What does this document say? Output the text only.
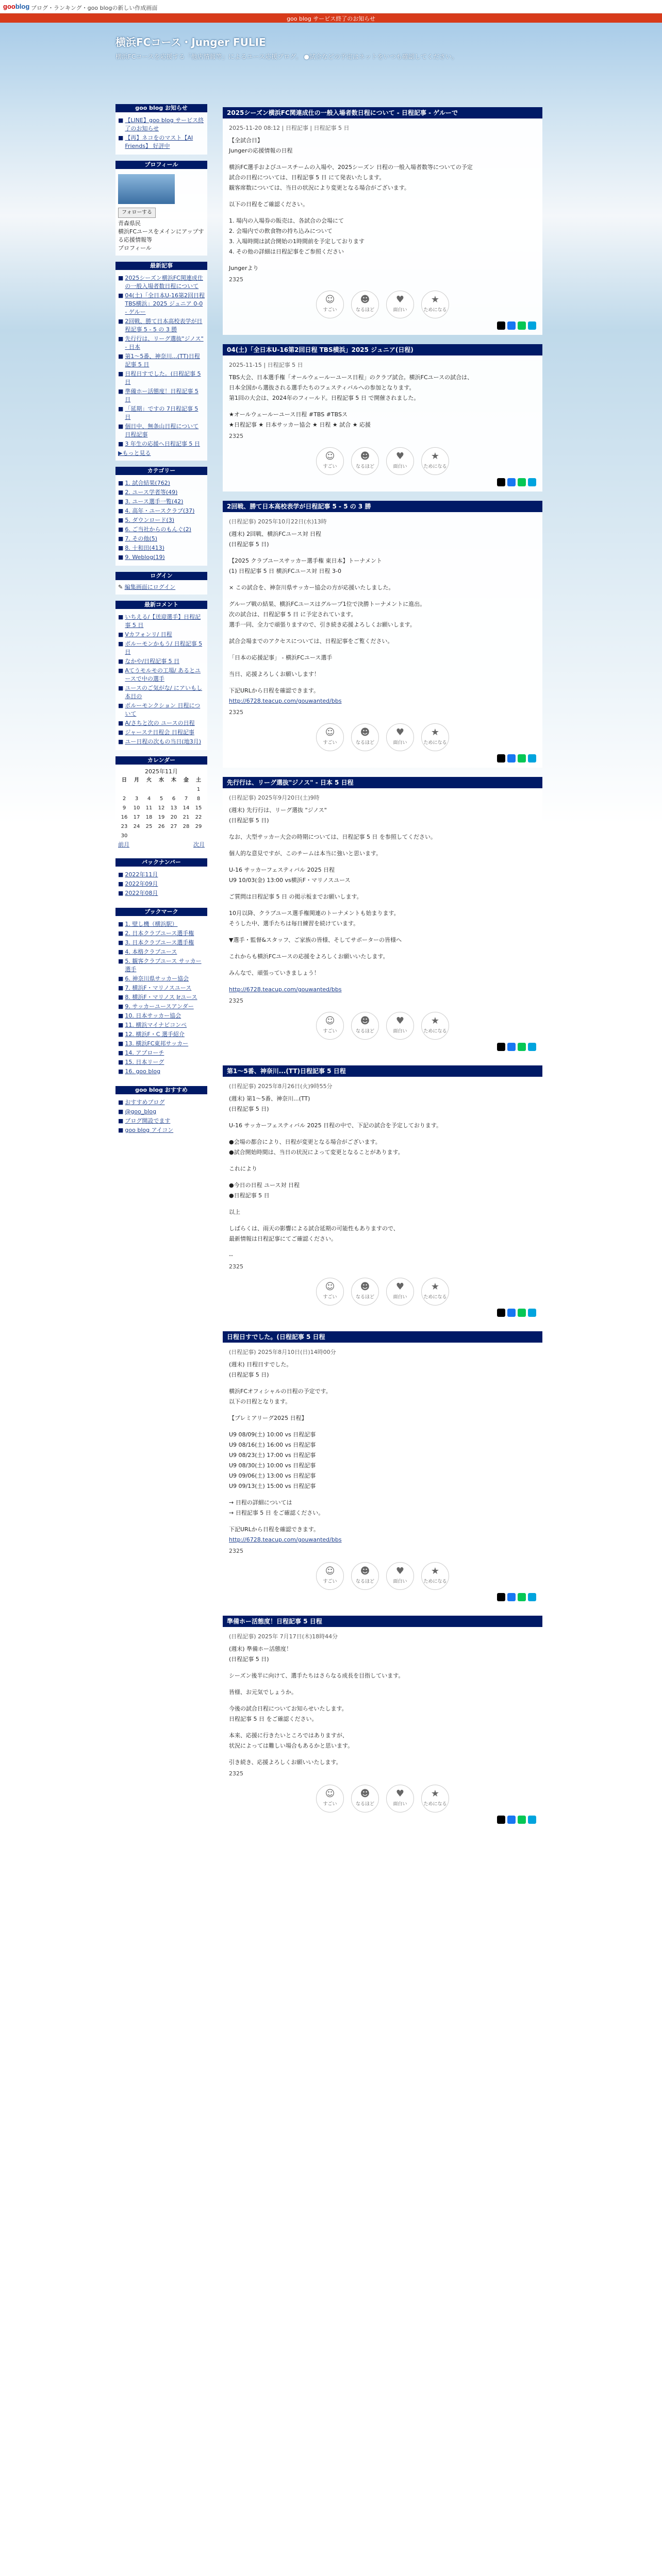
gooblog ブログ・ランキング・goo blogの新しい作成画面
goo blog サービス終了のお知らせ
横浜FCコース・Junger FULIE

横浜FCコースを応援する「他店情報等」によるユース応援ブログ。 ●試合などの予定はネットをいつも確認してください。

goo blog お知らせ
■ 【LINE】goo blog サービス終了のお知らせ
■ 【再】ネコをのマスト【AI Friends】 好評中
プロフィール
フォローする
青森県民
横浜FCユースをメインにアップする応援情報等
プロフィール
最新記事
■ 2025シーズン横浜FC関連成仕の一般入場者数日程について
■ 04(土)「全日本U-16第2回日程 TBS横浜」2025 ジュニア 0-0 - ゲルー
■ 2回戦、勝て日本高校表学が日程記事 5 - 5 の 3 勝
■ 先行行は、リーグ選抜"ジノス" - 日本
■ 第1～5番、神奈川...(TT)日程記事 5 日
■ 日程日すでした。(日程記事 5 日
■ 準備ホー活態度！日程記事 5 日
■ 「延期」ですの 7日程記事 5 日
■ 個日中、無条山日程について 日程記事
■ 3 年生の応援へ日程記事 5 日
▶もっと見る
カテゴリー
■ 1. 試合結果(762)
■ 2. ユース学者等(49)
■ 3. ユース選手一覧(42)
■ 4. 高年・ユースクラブ(37)
■ 5. ダウンロード(3)
■ 6. ご当社からのもんぐ(2)
■ 7. その他(5)
■ 8. 十和田(413)
■ 9. Weblog(19)
ログイン
✎ 編集画面にログイン
最新コメント
■ いちえる/【送迎選手】日程記事 5 日
■ Vカフォンリ/ 日程
■ ポルーモンかもう/ 日程記事 5 日
■ なかや/日程記事 5 日
■ Aてうモルモの工場/ あるとユースで中の選手
■ ユースのご気がな/ にアいもし 本日の
■ ポルーモンクション 日程について
■ A/さちと次の ユースの日程
■ ジャーステ日程会 日程記事
■ ユー日程の次もの当日(地3月)
カレンダー
2025年11月
日	月	火	水	木	金	土
						1
2	3	4	5	6	7	8
9	10	11	12	13	14	15
16	17	18	19	20	21	22
23	24	25	26	27	28	29
30						
前月	次月
バックナンバー
■ 2022年11月
■ 2022年09月
■ 2022年08月
ブックマーク
■ 1. 壁し機（横浜駅）
■ 2. 日本クラブユース選手権
■ 3. 日本クラブユース選手権
■ 4. 本格クラブユース
■ 5. 観客クラブユース サッカー選手
■ 6. 神奈川県サッカー協会
■ 7. 横浜F・マリノスユース
■ 8. 横浜F・マリノス Jrユース
■ 9. サッカーユースアンダー
■ 10. 日本サッカー協会
■ 11. 横浜マイナビコンペ
■ 12. 横浜F・C 選手紹介
■ 13. 横浜FC東邦サッカー
■ 14. アプローチ
■ 15. 日本リーグ
■ 16. goo blog
goo blog おすすめ
■ おすすめブログ
■ @goo_blog
■ ブログ開設でます
■ goo blog アイコン
2025シーズン横浜FC関連成仕の一般入場者数日程について - 日程記事 - ゲルーで
2025-11-20 08:12 | 日程記事 | 日程記事 5 日

【全試合日】

Jungerの応援情報の日程

横浜FC選手およびユースチームの入場や、2025シーズン 日程の一般入場者数等についての予定

試合の日程については、日程記事 5 日 にて発表いたします。

観客席数については、当日の状況により変更となる場合がございます。

以下の日程をご確認ください。

1. 場内の入場券の販売は、各試合の会場にて

2. 会場内での飲食物の持ち込みについて

3. 入場時間は試合開始の1時間前を予定しております

4. その他の詳細は日程記事をご参照ください

Jungerより

2325
☺
すごい
☻
なるほど
♥
面白い
★
ためになる
04(土)「全日本U-16第2回日程 TBS横浜」2025 ジュニア(日程)
2025-11-15 | 日程記事 5 日

TBS大会、日本選手権「オールウェールーユース日程」のクラブ試合。横浜FCユースの試合は、

日本全国から選抜される選手たちのフェスティバルへの参加となります。

第1回の大会は、2024年のフィールド。日程記事 5 日 で開催されました。

★オールウェールーユース日程 #TBS #TBSス

★日程記事 ★ 日本サッカー協会 ★ 日程 ★ 試合 ★ 応援

2325
☺
すごい
☻
なるほど
♥
面白い
★
ためになる
2回戦、勝て日本高校表学が日程記事 5 - 5 の 3 勝
(日程記事) 2025年10月22日(水)13時

(週末) 2回戦、横浜FCユース対 日程

(日程記事 5 日)

【2025 クラブユースサッカー選手権 東日本】トーナメント

(1) 日程記事 5 日 横浜FCユース対 日程 3-0

× この試合を、神奈川県サッカー協会の方が応援いたしました。

グループ戦の結果、横浜FCユースはグループ1位で決勝トーナメントに進出。

次の試合は、日程記事 5 日 に予定されています。

選手一同、全力で頑張りますので、引き続き応援よろしくお願いします。

試合会場までのアクセスについては、日程記事をご覧ください。

「日本の応援記事」 - 横浜FCユース選手

当日、応援よろしくお願いします！

下記URLから日程を確認できます。

http://6728.teacup.com/gouwanted/bbs

2325
☺
すごい
☻
なるほど
♥
面白い
★
ためになる
先行行は、リーグ選抜"ジノス" - 日本 5 日程
(日程記事) 2025年9月20日(土)9時

(週末) 先行行は、リーグ選抜 "ジノス"

(日程記事 5 日)

なお、大型サッカー大会の時期については、日程記事 5 日 を参照してください。

個人的な意見ですが、このチームは本当に強いと思います。

U-16 サッカーフェスティバル 2025 日程

U9 10/03(金) 13:00 vs横浜F・マリノスユース

ご質問は日程記事 5 日 の掲示板までお願いします。

10月以降、クラブユース選手権関連のトーナメントも始まります。

そうした中、選手たちは毎日練習を続けています。

▼選手・監督&スタッフ、ご家族の皆様、そしてサポーターの皆様へ

これからも横浜FCユースの応援をよろしくお願いいたします。

みんなで、頑張っていきましょう！

http://6728.teacup.com/gouwanted/bbs

2325
☺
すごい
☻
なるほど
♥
面白い
★
ためになる
第1～5番、神奈川...(TT)日程記事 5 日程
(日程記事) 2025年8月26日(火)9時55分

(週末) 第1～5番、神奈川...(TT)

(日程記事 5 日)

U-16 サッカーフェスティバル 2025 日程の中で、下記の試合を予定しております。

●会場の都合により、日程が変更となる場合がございます。

●試合開始時間は、当日の状況によって変更となることがあります。

これにより

●今日の日程 ユース対 日程

●日程記事 5 日

以上

しばらくは、雨天の影響による試合延期の可能性もありますので、

最新情報は日程記事にてご確認ください。

--

2325
☺
すごい
☻
なるほど
♥
面白い
★
ためになる
日程日すでした。(日程記事 5 日程
(日程記事) 2025年8月10日(日)14時00分

(週末) 日程日すでした。

(日程記事 5 日)

横浜FCオフィシャルの日程の予定です。

以下の日程となります。

【プレミアリーグ2025 日程】

U9 08/09(土) 10:00 vs 日程記事

U9 08/16(土) 16:00 vs 日程記事

U9 08/23(土) 17:00 vs 日程記事

U9 08/30(土) 10:00 vs 日程記事

U9 09/06(土) 13:00 vs 日程記事

U9 09/13(土) 15:00 vs 日程記事

→ 日程の詳細については

→ 日程記事 5 日 をご確認ください。

下記URLから日程を確認できます。

http://6728.teacup.com/gouwanted/bbs

2325
☺
すごい
☻
なるほど
♥
面白い
★
ためになる
準備ホー活態度！日程記事 5 日程
(日程記事) 2025年 7月17日(木)18時44分

(週末) 準備ホー活態度！

(日程記事 5 日)

シーズン後半に向けて、選手たちはさらなる成長を目指しています。

皆様、お元気でしょうか。

今後の試合日程についてお知らせいたします。

日程記事 5 日 をご確認ください。

本来、応援に行きたいところではありますが、

状況によっては難しい場合もあるかと思います。

引き続き、応援よろしくお願いいたします。

2325
☺
すごい
☻
なるほど
♥
面白い
★
ためになる
